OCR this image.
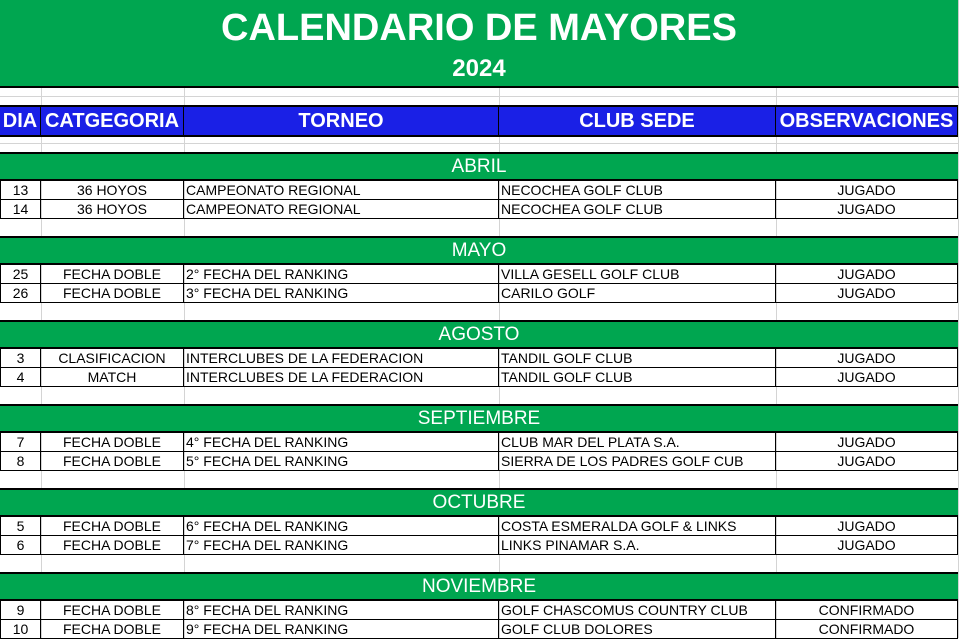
CALENDARIO DE MAYORES
2024
DIA CATGEGORIA	TORNEO	CLUB SEDE	OBSERVACIONES
ABRIL
13	36 HOYOS	CAMPEONATO REGIONAL	NECOCHEA GOLF CLUB	JUGADO
14	36 HOYOS	CAMPEONATO REGIONAL	NECOCHEA GOLF CLUB	JUGADO
MAYO
25	FECHA DOBLE	2° FECHA DEL RANKING	VILLA GESELL GOLF CLUB	JUGADO
26	FECHA DOBLE	3° FECHA DEL RANKING	CARILO GOLF	JUGADO
AGOSTO
3	CLASIFICACION	INTERCLUBES DE LA FEDERACION	TANDIL GOLF CLUB	JUGADO
4	MATCH	INTERCLUBES DE LA FEDERACION	TANDIL GOLF CLUB	JUGADO
SEPTIEMBRE
7	FECHA DOBLE	4° FECHA DEL RANKING	CLUB MAR DEL PLATA S.A.	JUGADO
8	FECHA DOBLE	5° FECHA DEL RANKING	SIERRA DE LOS PADRES GOLF CUB	JUGADO
OCTUBRE
5	FECHA DOBLE	6° FECHA DEL RANKING	COSTA ESMERALDA GOLF & LINKS	JUGADO
6	FECHA DOBLE	7° FECHA DEL RANKING	LINKS PINAMAR S.A.	JUGADO
NOVIEMBRE
9	FECHA DOBLE	8° FECHA DEL RANKING	GOLF CHASCOMUS COUNTRY CLUB	CONFIRMADO
10	FECHA DOBLE	9° FECHA DEL RANKING	GOLF CLUB DOLORES	CONFIRMADO
